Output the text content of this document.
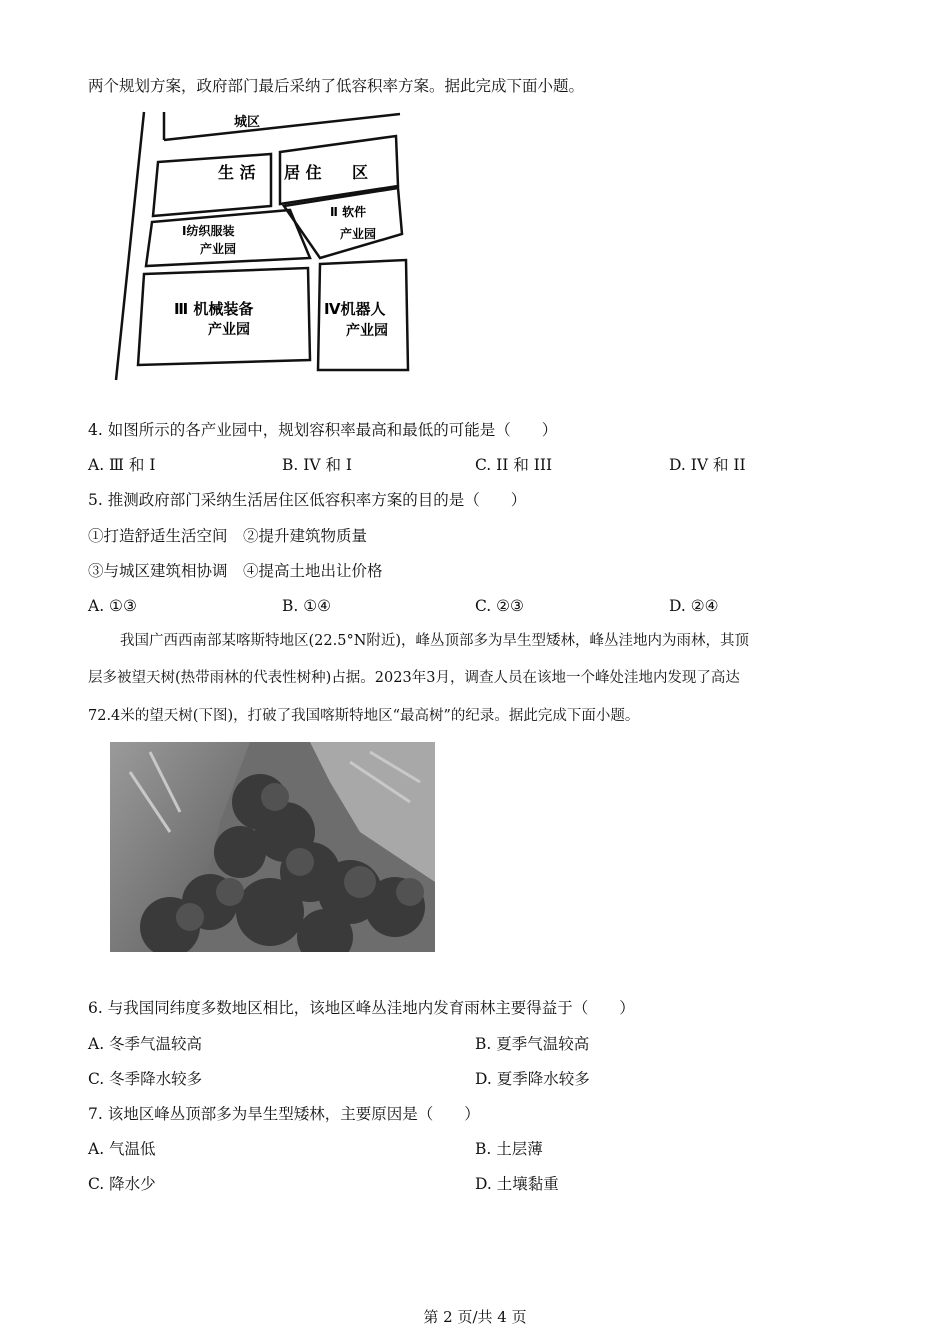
两个规划方案，政府部门最后采纳了低容积率方案。据此完成下面小题。
城区
生 活 居 住 区
Ⅰ纺织服装
产业园
Ⅱ 软件
产业园
Ⅲ 机械装备
产业园
Ⅳ机器人
产业园
4. 如图所示的各产业园中，规划容积率最高和最低的可能是（　　）
A. Ⅲ 和 I	B. IV 和 I	C. II 和 III	D. IV 和 II
5. 推测政府部门采纳生活居住区低容积率方案的目的是（　　）
①打造舒适生活空间　②提升建筑物质量
③与城区建筑相协调　④提高土地出让价格
A. ①③	B. ①④	C. ②③	D. ②④
我国广西西南部某喀斯特地区(22.5°N附近)，峰丛顶部多为旱生型矮林，峰丛洼地内为雨林，其顶
层多被望天树(热带雨林的代表性树种)占据。2023年3月，调查人员在该地一个峰处洼地内发现了高达
72.4米的望天树(下图)，打破了我国喀斯特地区“最高树”的纪录。据此完成下面小题。
6. 与我国同纬度多数地区相比，该地区峰丛洼地内发育雨林主要得益于（　　）
A. 冬季气温较高	B. 夏季气温较高
C. 冬季降水较多	D. 夏季降水较多
7. 该地区峰丛顶部多为旱生型矮林，主要原因是（　　）
A. 气温低	B. 土层薄
C. 降水少	D. 土壤黏重
第 2 页/共 4 页
